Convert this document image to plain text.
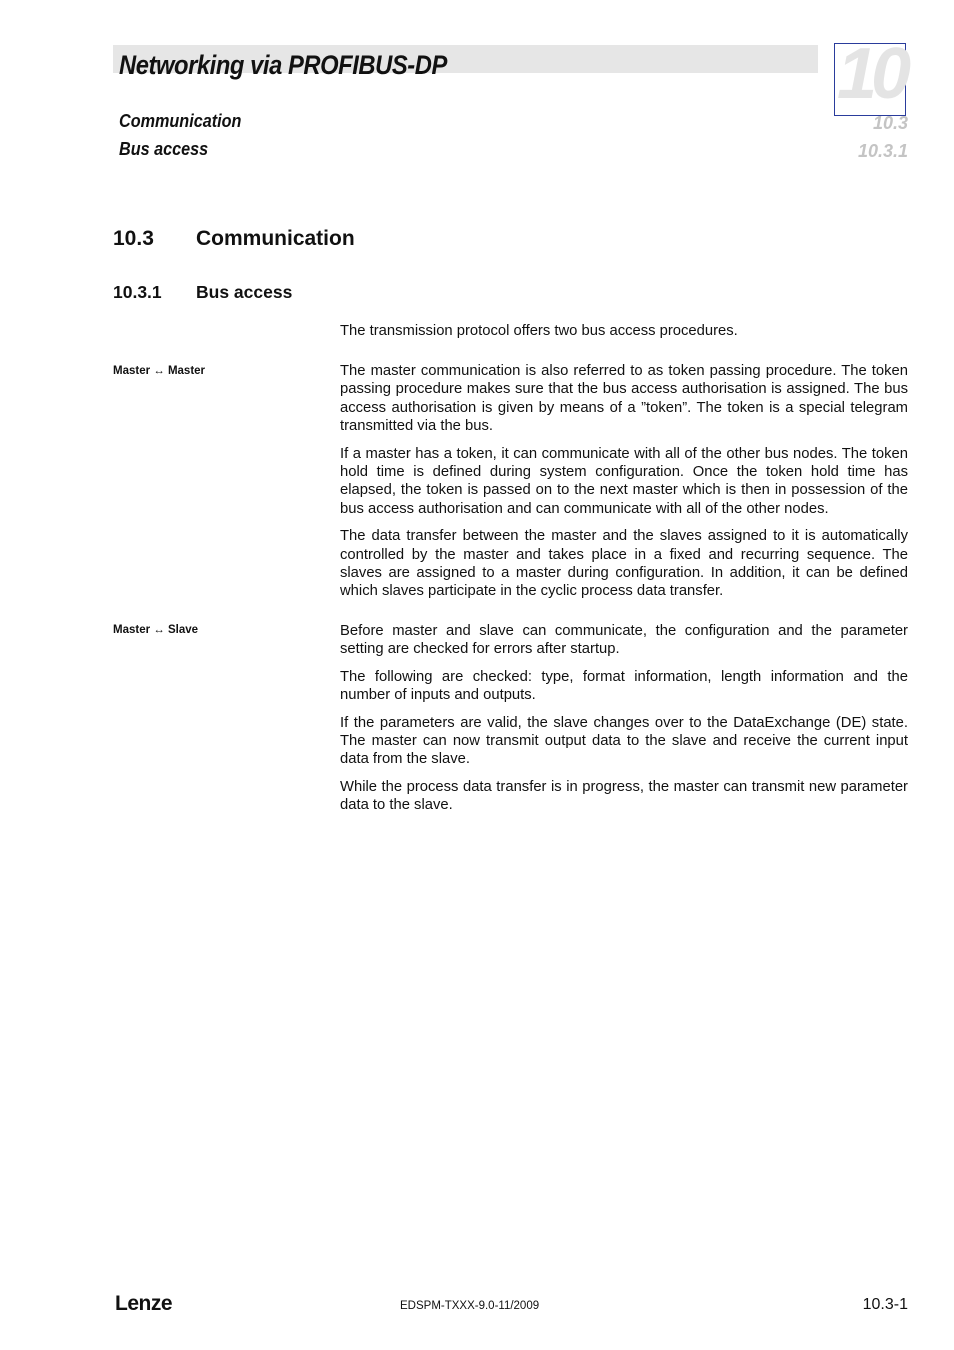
Networking via PROFIBUS-DP	10

Communication

Bus access

10.3

10.3.1

10.3 Communication
10.3.1 Bus access

The transmission protocol offers two bus access procedures.

Master ↔ Master	The master communication is also referred to as token passing procedure. The token passing procedure makes sure that the bus access authorisation is assigned. The bus access authorisation is given by means of a ”token”. The token is a special telegram transmitted via the bus.

If a master has a token, it can communicate with all of the other bus nodes. The token hold time is defined during system configuration. Once the token hold time has elapsed, the token is passed on to the next master which is then in possession of the bus access authorisation and can communicate with all of the other nodes.

The data transfer between the master and the slaves assigned to it is automatically controlled by the master and takes place in a fixed and recurring sequence. The slaves are assigned to a master during configuration. In addition, it can be defined which slaves participate in the cyclic process data transfer.

Master ↔ Slave	Before master and slave can communicate, the configuration and the parameter setting are checked for errors after startup.

The following are checked: type, format information, length information and the number of inputs and outputs.

If the parameters are valid, the slave changes over to the DataExchange (DE) state. The master can now transmit output data to the slave and receive the current input data from the slave.

While the process data transfer is in progress, the master can transmit new parameter data to the slave.

Lenze	EDSPM-TXXX-9.0-11/2009	10.3-1
